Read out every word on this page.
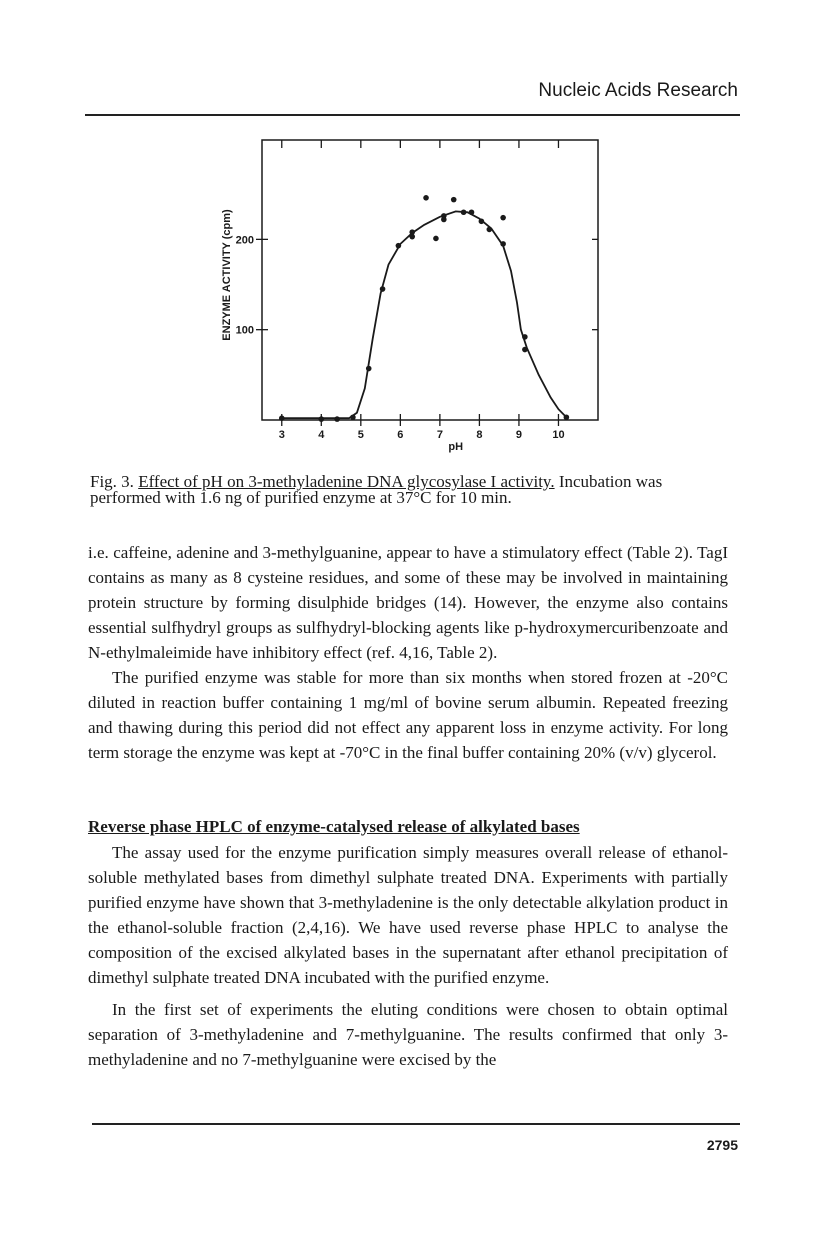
Nucleic Acids Research
3	4	5	6	7	8	9	10
100
200
ENZYME ACTIVITY (cpm)
pH
Fig. 3. Effect of pH on 3-methyladenine DNA glycosylase I activity. Incubation was performed with 1.6 ng of purified enzyme at 37°C for 10 min.

i.e. caffeine, adenine and 3-methylguanine, appear to have a stimulatory effect (Table 2). TagI contains as many as 8 cysteine residues, and some of these may be involved in maintaining protein structure by forming disulphide bridges (14). However, the enzyme also contains essential sulfhydryl groups as sulfhydryl-blocking agents like p-hydroxymercuribenzoate and N-ethylmaleimide have inhibitory effect (ref. 4,16, Table 2).

The purified enzyme was stable for more than six months when stored frozen at -20°C diluted in reaction buffer containing 1 mg/ml of bovine serum albumin. Repeated freezing and thawing during this period did not effect any apparent loss in enzyme activity. For long term storage the enzyme was kept at -70°C in the final buffer containing 20% (v/v) glycerol.

Reverse phase HPLC of enzyme-catalysed release of alkylated bases

The assay used for the enzyme purification simply measures overall release of ethanol-soluble methylated bases from dimethyl sulphate treated DNA. Experiments with partially purified enzyme have shown that 3-methyladenine is the only detectable alkylation product in the ethanol-soluble fraction (2,4,16). We have used reverse phase HPLC to analyse the composition of the excised alkylated bases in the supernatant after ethanol precipitation of dimethyl sulphate treated DNA incubated with the purified enzyme.

In the first set of experiments the eluting conditions were chosen to obtain optimal separation of 3-methyladenine and 7-methylguanine. The results confirmed that only 3-methyladenine and no 7-methylguanine were excised by the

2795
